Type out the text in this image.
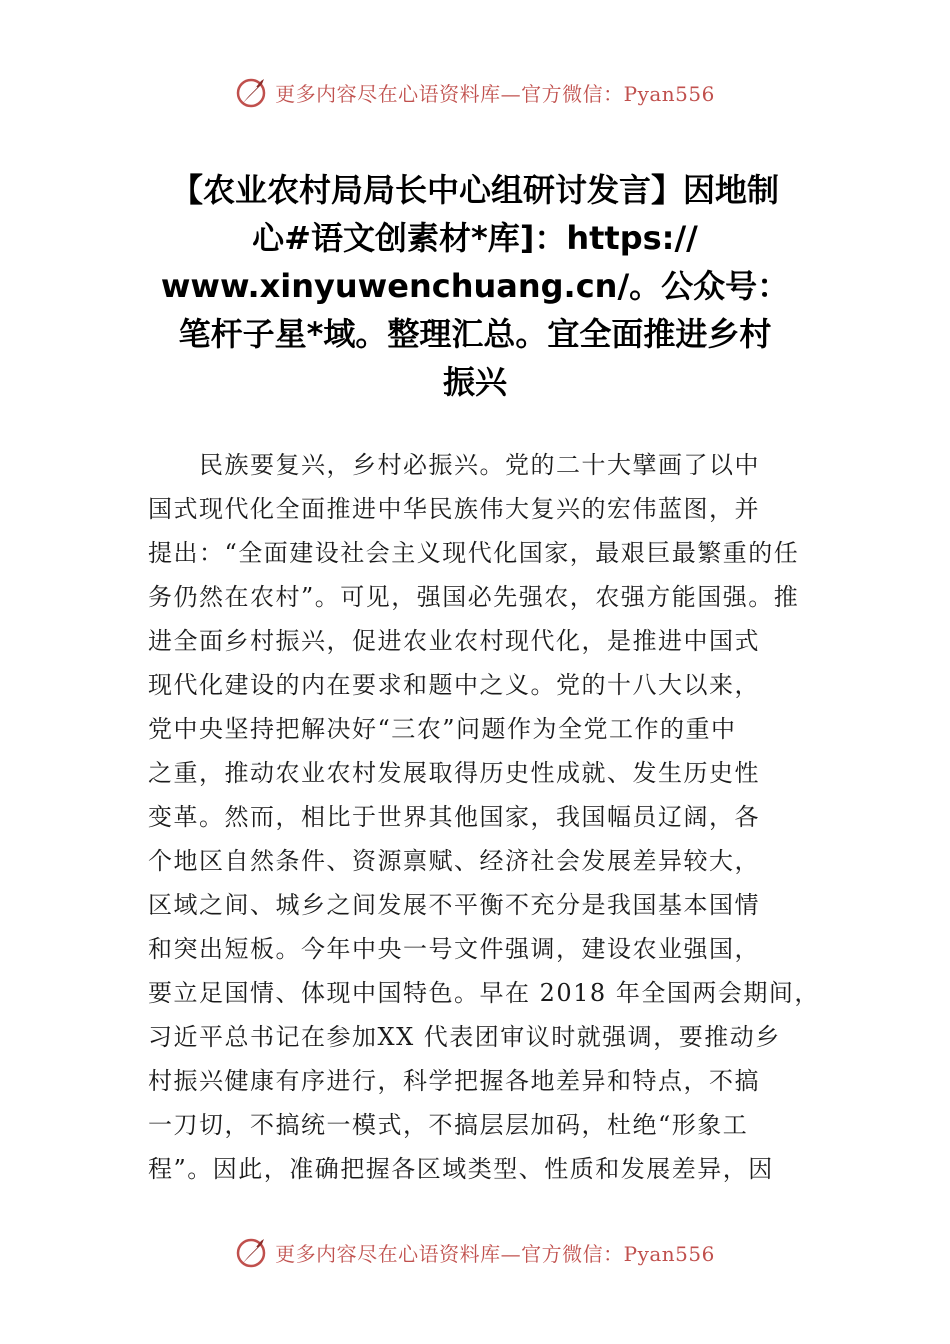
更多内容尽在心语资料库—官方微信：Pyan556
【农业农村局局长中心组研讨发言】因地制
心#语文创素材*库]：https://
www.xinyuwenchuang.cn/。公众号：
笔杆子星*域。整理汇总。宜全面推进乡村
振兴
　　民族要复兴，乡村必振兴。党的二十大擘画了以中
国式现代化全面推进中华民族伟大复兴的宏伟蓝图，并
提出：“全面建设社会主义现代化国家，最艰巨最繁重的任
务仍然在农村”。可见，强国必先强农，农强方能国强。推
进全面乡村振兴，促进农业农村现代化，是推进中国式
现代化建设的内在要求和题中之义。党的十八大以来，
党中央坚持把解决好“三农”问题作为全党工作的重中
之重，推动农业农村发展取得历史性成就、发生历史性
变革。然而，相比于世界其他国家，我国幅员辽阔，各
个地区自然条件、资源禀赋、经济社会发展差异较大，
区域之间、城乡之间发展不平衡不充分是我国基本国情
和突出短板。今年中央一号文件强调，建设农业强国，
要立足国情、体现中国特色。早在 2018 年全国两会期间，
习近平总书记在参加XX 代表团审议时就强调，要推动乡
村振兴健康有序进行，科学把握各地差异和特点，不搞
一刀切，不搞统一模式，不搞层层加码，杜绝“形象工
程”。因此，准确把握各区域类型、性质和发展差异，因
更多内容尽在心语资料库—官方微信：Pyan556
